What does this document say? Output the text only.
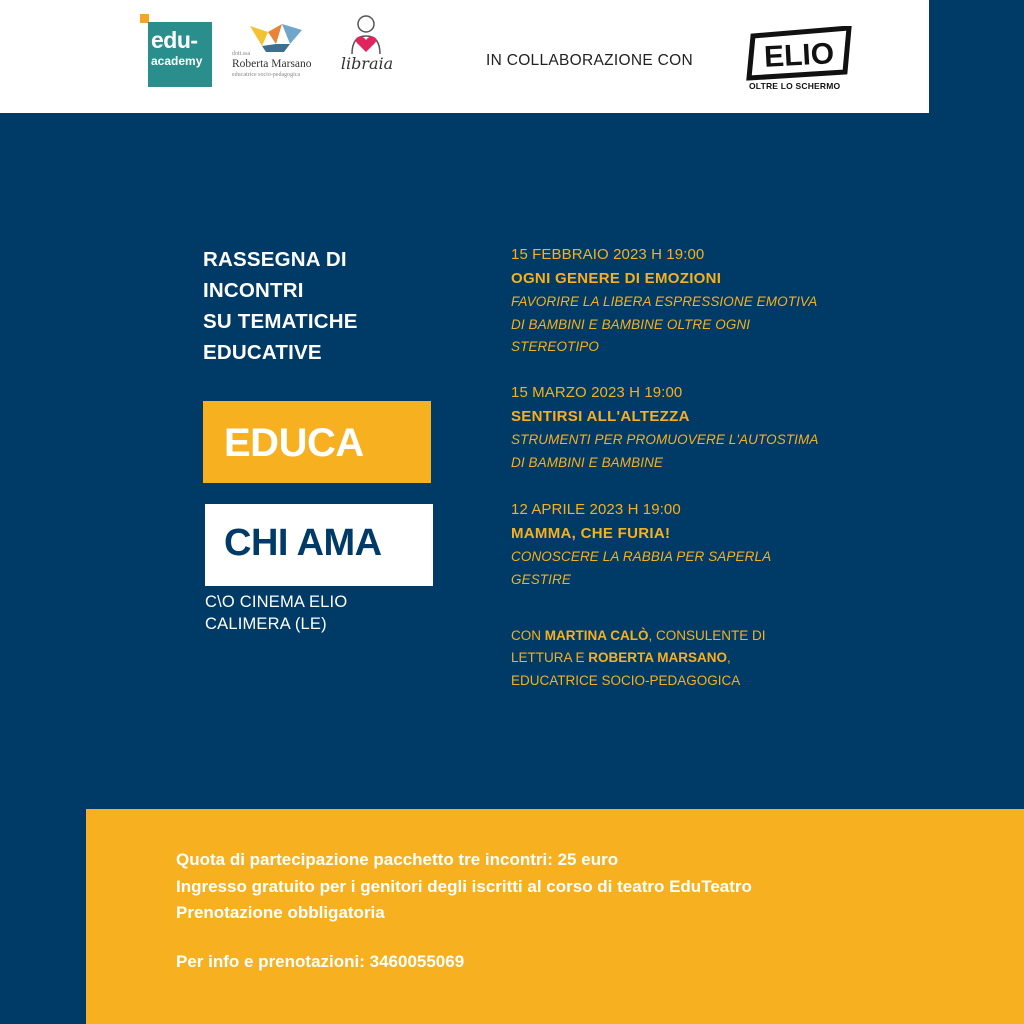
edu-
academy	dott.ssa
Roberta Marsano
educatrice socio-pedagogica
libraia	IN COLLABORAZIONE CON ELIO
OLTRE LO SCHERMO
RASSEGNA DI
INCONTRI
SU TEMATICHE
EDUCATIVE
EDUCA
CHI AMA
C\O CINEMA ELIO
CALIMERA (LE)
15 FEBBRAIO 2023 H 19:00
OGNI GENERE DI EMOZIONI
FAVORIRE LA LIBERA ESPRESSIONE EMOTIVA
DI BAMBINI E BAMBINE OLTRE OGNI
STEREOTIPO
15 MARZO 2023 H 19:00
SENTIRSI ALL'ALTEZZA
STRUMENTI PER PROMUOVERE L'AUTOSTIMA
DI BAMBINI E BAMBINE
12 APRILE 2023 H 19:00
MAMMA, CHE FURIA!
CONOSCERE LA RABBIA PER SAPERLA
GESTIRE
CON MARTINA CALÒ, CONSULENTE DI
LETTURA E ROBERTA MARSANO,
EDUCATRICE SOCIO-PEDAGOGICA
Quota di partecipazione pacchetto tre incontri: 25 euro
Ingresso gratuito per i genitori degli iscritti al corso di teatro EduTeatro
Prenotazione obbligatoria
Per info e prenotazioni: 3460055069
